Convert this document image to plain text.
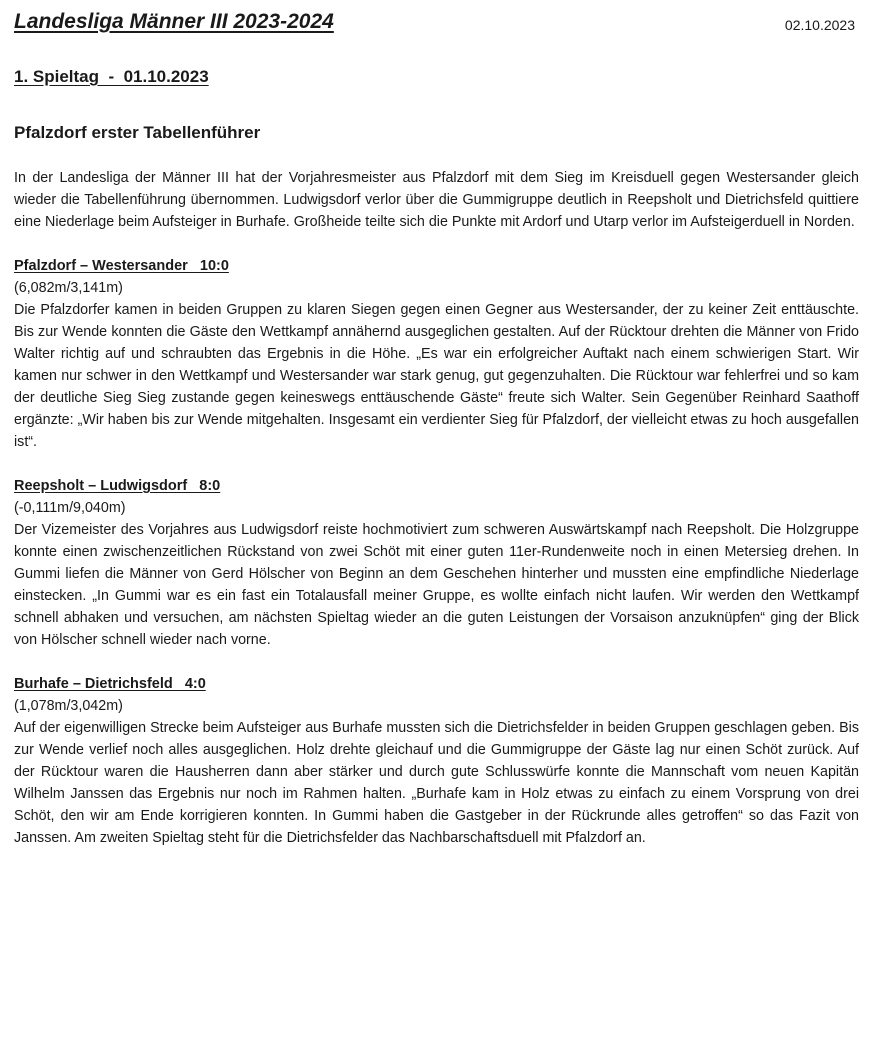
Landesliga Männer III 2023-2024	02.10.2023
1. Spieltag  -  01.10.2023
Pfalzdorf erster Tabellenführer

In der Landesliga der Männer III hat der Vorjahresmeister aus Pfalzdorf mit dem Sieg im Kreisduell gegen Westersander gleich wieder die Tabellenführung übernommen. Ludwigsdorf verlor über die Gummigruppe deutlich in Reepsholt und Dietrichsfeld quittiere eine Niederlage beim Aufsteiger in Burhafe. Großheide teilte sich die Punkte mit Ardorf und Utarp verlor im Aufsteigerduell in Norden.

Pfalzdorf – Westersander   10:0
(6,082m/3,141m)

Die Pfalzdorfer kamen in beiden Gruppen zu klaren Siegen gegen einen Gegner aus Westersander, der zu keiner Zeit enttäuschte. Bis zur Wende konnten die Gäste den Wettkampf annähernd ausgeglichen gestalten. Auf der Rücktour drehten die Männer von Frido Walter richtig auf und schraubten das Ergebnis in die Höhe. „Es war ein erfolgreicher Auftakt nach einem schwierigen Start. Wir kamen nur schwer in den Wettkampf und Westersander war stark genug, gut gegenzuhalten. Die Rücktour war fehlerfrei und so kam der deutliche Sieg Sieg zustande gegen keineswegs enttäuschende Gäste“ freute sich Walter. Sein Gegenüber Reinhard Saathoff ergänzte: „Wir haben bis zur Wende mitgehalten. Insgesamt ein verdienter Sieg für Pfalzdorf, der vielleicht etwas zu hoch ausgefallen ist“.

Reepsholt – Ludwigsdorf   8:0
(-0,111m/9,040m)

Der Vizemeister des Vorjahres aus Ludwigsdorf reiste hochmotiviert zum schweren Auswärtskampf nach Reepsholt. Die Holzgruppe konnte einen zwischenzeitlichen Rückstand von zwei Schöt mit einer guten 11er-Rundenweite noch in einen Metersieg drehen. In Gummi liefen die Männer von Gerd Hölscher von Beginn an dem Geschehen hinterher und mussten eine empfindliche Niederlage einstecken. „In Gummi war es ein fast ein Totalausfall meiner Gruppe, es wollte einfach nicht laufen. Wir werden den Wettkampf schnell abhaken und versuchen, am nächsten Spieltag wieder an die guten Leistungen der Vorsaison anzuknüpfen“ ging der Blick von Hölscher schnell wieder nach vorne.

Burhafe – Dietrichsfeld   4:0
(1,078m/3,042m)

Auf der eigenwilligen Strecke beim Aufsteiger aus Burhafe mussten sich die Dietrichsfelder in beiden Gruppen geschlagen geben. Bis zur Wende verlief noch alles ausgeglichen. Holz drehte gleichauf und die Gummigruppe der Gäste lag nur einen Schöt zurück. Auf der Rücktour waren die Hausherren dann aber stärker und durch gute Schlusswürfe konnte die Mannschaft vom neuen Kapitän Wilhelm Janssen das Ergebnis nur noch im Rahmen halten. „Burhafe kam in Holz etwas zu einfach zu einem Vorsprung von drei Schöt, den wir am Ende korrigieren konnten. In Gummi haben die Gastgeber in der Rückrunde alles getroffen“ so das Fazit von Janssen. Am zweiten Spieltag steht für die Dietrichsfelder das Nachbarschaftsduell mit Pfalzdorf an.
